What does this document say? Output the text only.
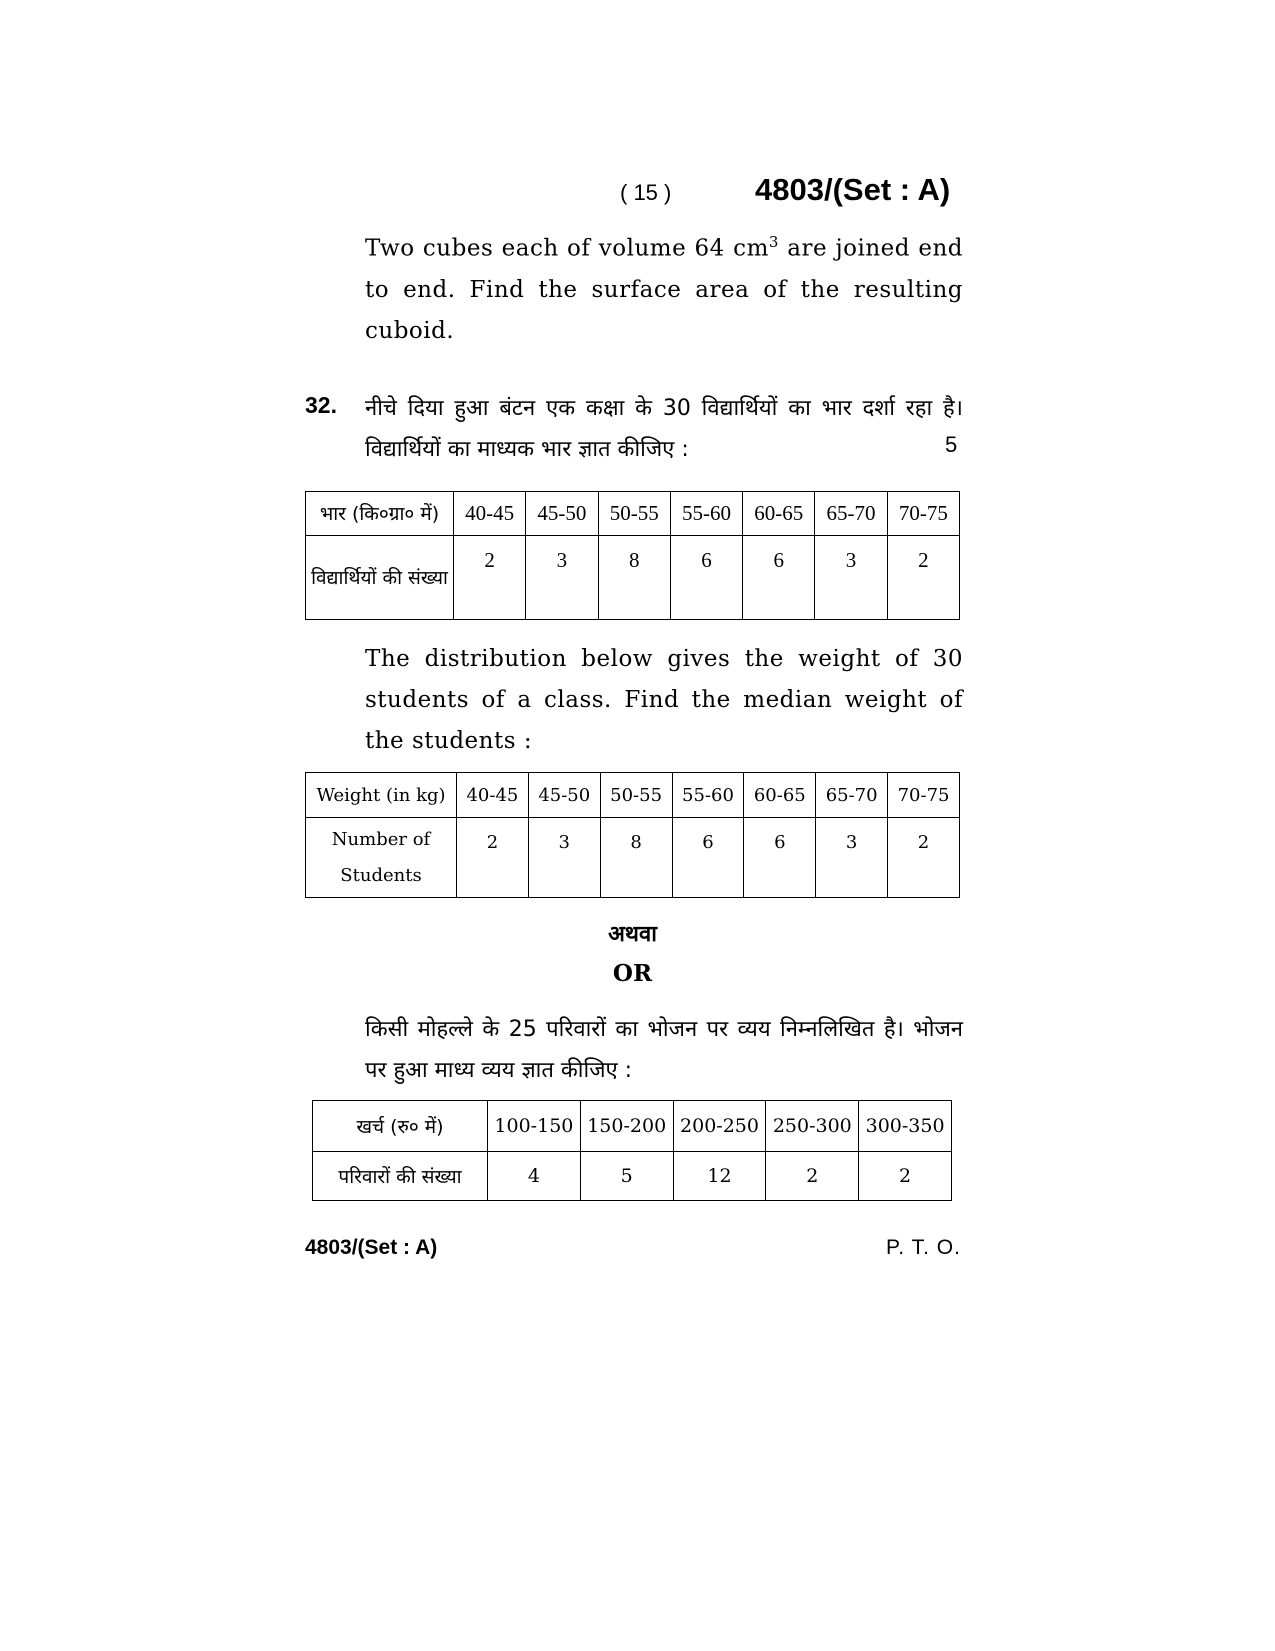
( 15 )	4803/(Set : A)
Two cubes each of volume 64 $cm^3$ are joined end to end. Find the surface area of the resulting cuboid.
32. नीचे दिया हुआ बंटन एक कक्षा के 30 विद्यार्थियों का भार दर्शा रहा है। विद्यार्थियों का माध्यक भार ज्ञात कीजिए :	5
भार (कि०ग्रा० में)	40-45	45-50	50-55	55-60	60-65	65-70	70-75
विद्यार्थियों की संख्या	2	3	8	6	6	3	2
The distribution below gives the weight of 30 students of a class. Find the median weight of the students :
Weight (in kg)	40-45	45-50	50-55	55-60	60-65	65-70	70-75
Number of Students	2	3	8	6	6	3	2
अथवा
OR
किसी मोहल्ले के 25 परिवारों का भोजन पर व्यय निम्नलिखित है। भोजन पर हुआ माध्य व्यय ज्ञात कीजिए :
खर्च (रु० में)	100-150	150-200	200-250	250-300	300-350
परिवारों की संख्या	4	5	12	2	2
4803/(Set : A)	P. T. O.
